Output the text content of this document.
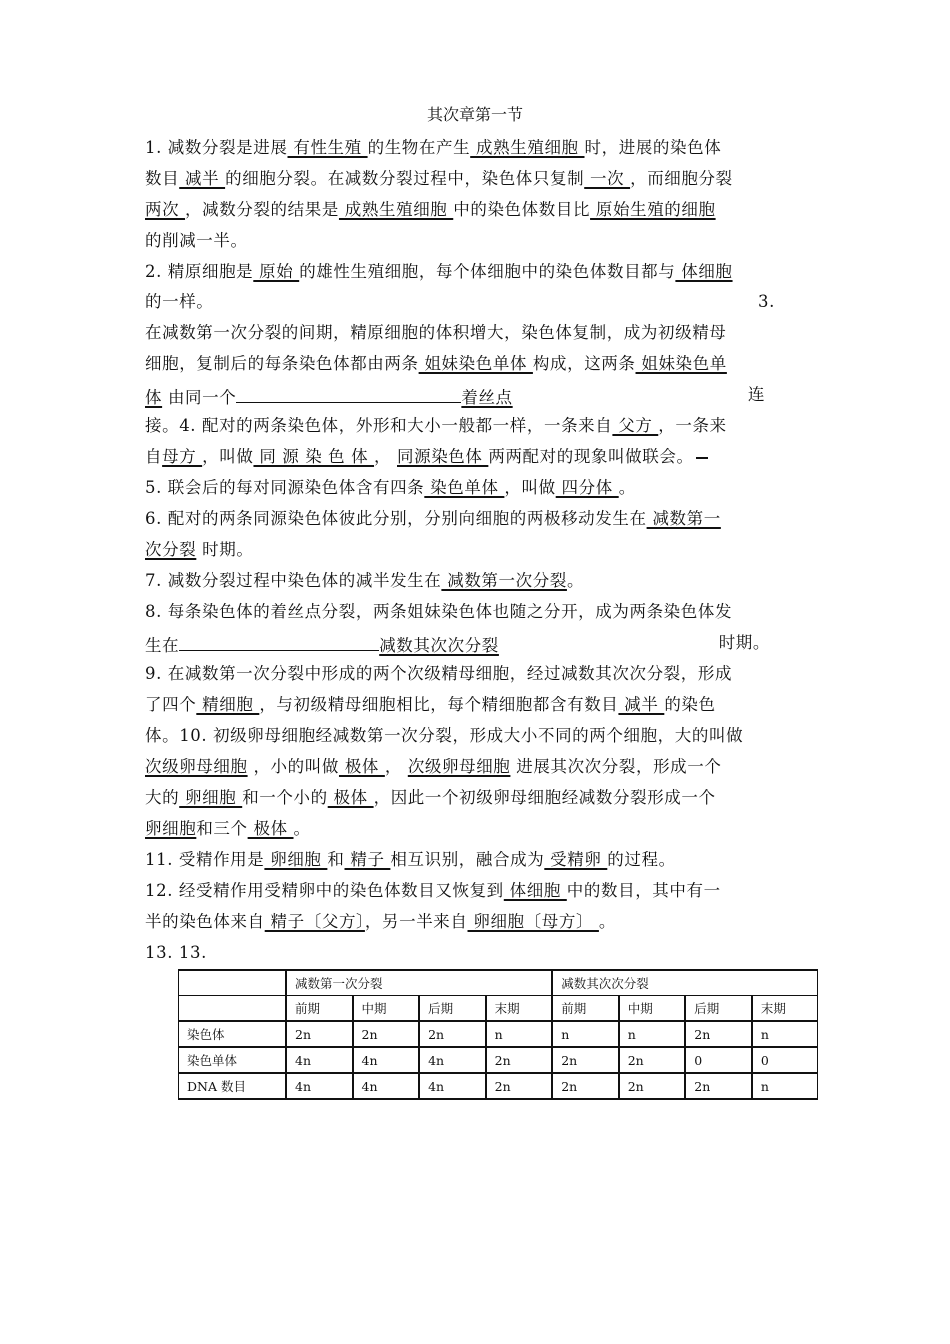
其次章第一节
1. 减数分裂是进展 有性生殖 的生物在产生 成熟生殖细胞 时，进展的染色体
数目 减半 的细胞分裂。在减数分裂过程中，染色体只复制 一次 ，而细胞分裂
两次 ，减数分裂的结果是 成熟生殖细胞 中的染色体数目比 原始生殖的细胞
的削减一半。
2. 精原细胞是 原始 的雄性生殖细胞，每个体细胞中的染色体数目都与 体细胞
的一样。	3.
在减数第一次分裂的间期，精原细胞的体积增大，染色体复制，成为初级精母
细胞，复制后的每条染色体都由两条 姐妹染色单体 构成，这两条 姐妹染色单
体 由同一个	着丝点	连
接。4. 配对的两条染色体，外形和大小一般都一样，一条来自 父方 ，一条来
自母方 ，叫做 同 源 染 色 体 ， 同源染色体 两两配对的现象叫做联会。
5. 联会后的每对同源染色体含有四条 染色单体 ，叫做 四分体 。
6. 配对的两条同源染色体彼此分别，分别向细胞的两极移动发生在 减数第一
次分裂 时期。
7. 减数分裂过程中染色体的减半发生在 减数第一次分裂。
8. 每条染色体的着丝点分裂，两条姐妹染色体也随之分开，成为两条染色体发
生在	减数其次次分裂	时期。
9. 在减数第一次分裂中形成的两个次级精母细胞，经过减数其次次分裂，形成
了四个 精细胞 ，与初级精母细胞相比，每个精细胞都含有数目 减半 的染色
体。10. 初级卵母细胞经减数第一次分裂，形成大小不同的两个细胞，大的叫做
次级卵母细胞 ，小的叫做 极体 ， 次级卵母细胞 进展其次次分裂，形成一个
大的 卵细胞 和一个小的 极体 ，因此一个初级卵母细胞经减数分裂形成一个
卵细胞和三个 极体 。
11. 受精作用是 卵细胞 和 精子 相互识别，融合成为 受精卵 的过程。
12. 经受精作用受精卵中的染色体数目又恢复到 体细胞 中的数目，其中有一
半的染色体来自 精子〔父方〕，另一半来自 卵细胞〔母方〕 。
13. 13.
	减数第一次分裂				减数其次次分裂			
	前期	中期	后期	末期	前期	中期	后期	末期
染色体	2n	2n	2n	n	n	n	2n	n
染色单体	4n	4n	4n	2n	2n	2n	0	0
DNA 数目	4n	4n	4n	2n	2n	2n	2n	n
